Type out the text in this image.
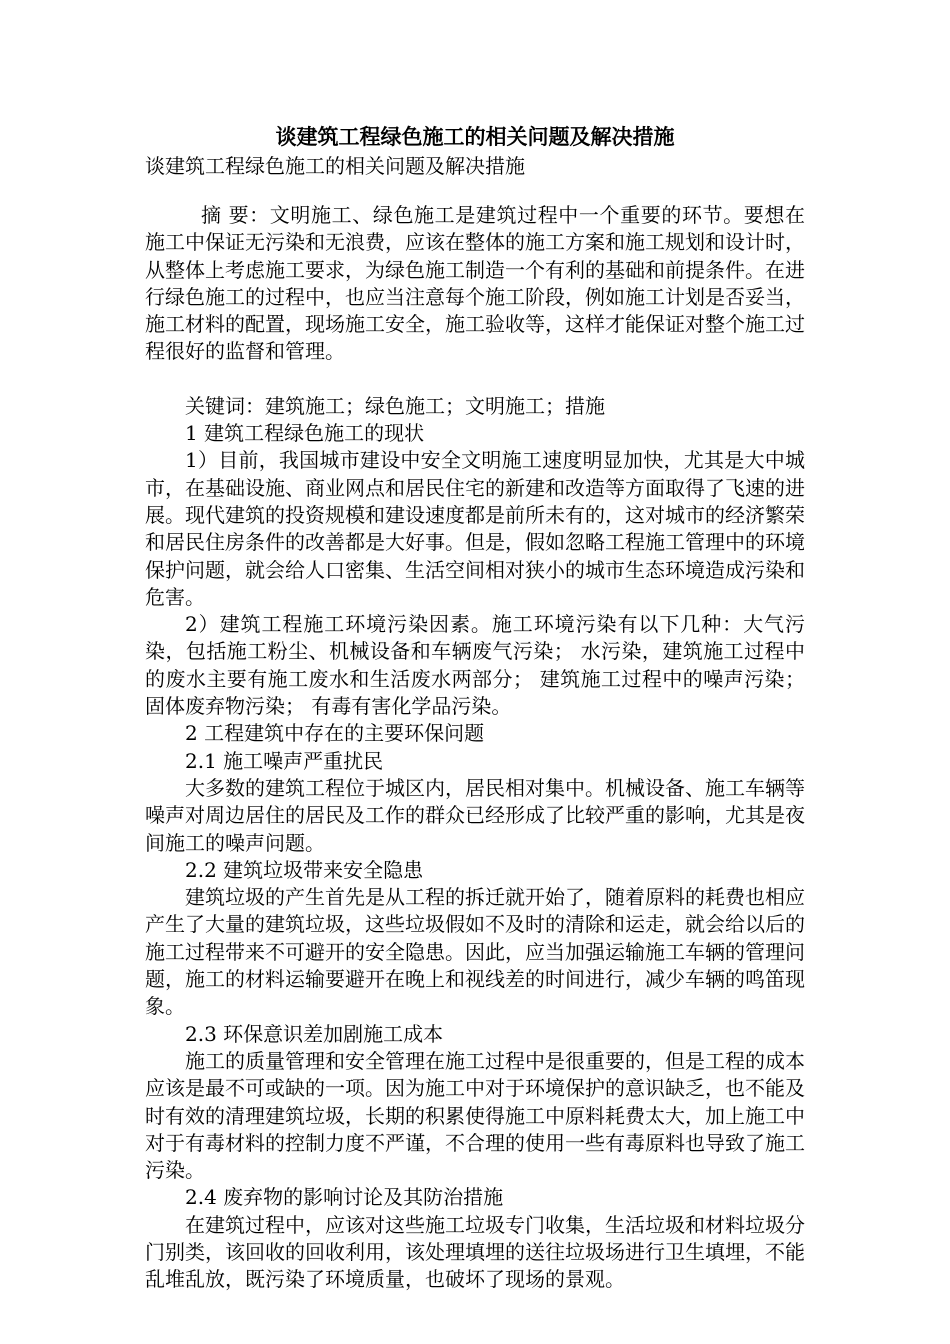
谈建筑工程绿色施工的相关问题及解决措施

谈建筑工程绿色施工的相关问题及解决措施

摘 要：文明施工、绿色施工是建筑过程中一个重要的环节。要想在施工中保证无污染和无浪费，应该在整体的施工方案和施工规划和设计时，从整体上考虑施工要求，为绿色施工制造一个有利的基础和前提条件。在进行绿色施工的过程中，也应当注意每个施工阶段，例如施工计划是否妥当，施工材料的配置，现场施工安全，施工验收等，这样才能保证对整个施工过程很好的监督和管理。

关键词：建筑施工；绿色施工；文明施工；措施

1 建筑工程绿色施工的现状

1）目前，我国城市建设中安全文明施工速度明显加快，尤其是大中城市，在基础设施、商业网点和居民住宅的新建和改造等方面取得了飞速的进展。现代建筑的投资规模和建设速度都是前所未有的，这对城市的经济繁荣和居民住房条件的改善都是大好事。但是，假如忽略工程施工管理中的环境保护问题，就会给人口密集、生活空间相对狭小的城市生态环境造成污染和危害。

2）建筑工程施工环境污染因素。施工环境污染有以下几种：大气污染，包括施工粉尘、机械设备和车辆废气污染； 水污染，建筑施工过程中的废水主要有施工废水和生活废水两部分； 建筑施工过程中的噪声污染； 固体废弃物污染； 有毒有害化学品污染。

2 工程建筑中存在的主要环保问题

2.1 施工噪声严重扰民

大多数的建筑工程位于城区内，居民相对集中。机械设备、施工车辆等噪声对周边居住的居民及工作的群众已经形成了比较严重的影响，尤其是夜间施工的噪声问题。

2.2 建筑垃圾带来安全隐患

建筑垃圾的产生首先是从工程的拆迁就开始了，随着原料的耗费也相应产生了大量的建筑垃圾，这些垃圾假如不及时的清除和运走，就会给以后的施工过程带来不可避开的安全隐患。因此，应当加强运输施工车辆的管理问题，施工的材料运输要避开在晚上和视线差的时间进行，减少车辆的鸣笛现象。

2.3 环保意识差加剧施工成本

施工的质量管理和安全管理在施工过程中是很重要的，但是工程的成本应该是最不可或缺的一项。因为施工中对于环境保护的意识缺乏，也不能及时有效的清理建筑垃圾，长期的积累使得施工中原料耗费太大，加上施工中对于有毒材料的控制力度不严谨，不合理的使用一些有毒原料也导致了施工污染。

2.4 废弃物的影响讨论及其防治措施

在建筑过程中，应该对这些施工垃圾专门收集，生活垃圾和材料垃圾分门别类，该回收的回收利用，该处理填埋的送往垃圾场进行卫生填埋，不能乱堆乱放，既污染了环境质量，也破坏了现场的景观。
